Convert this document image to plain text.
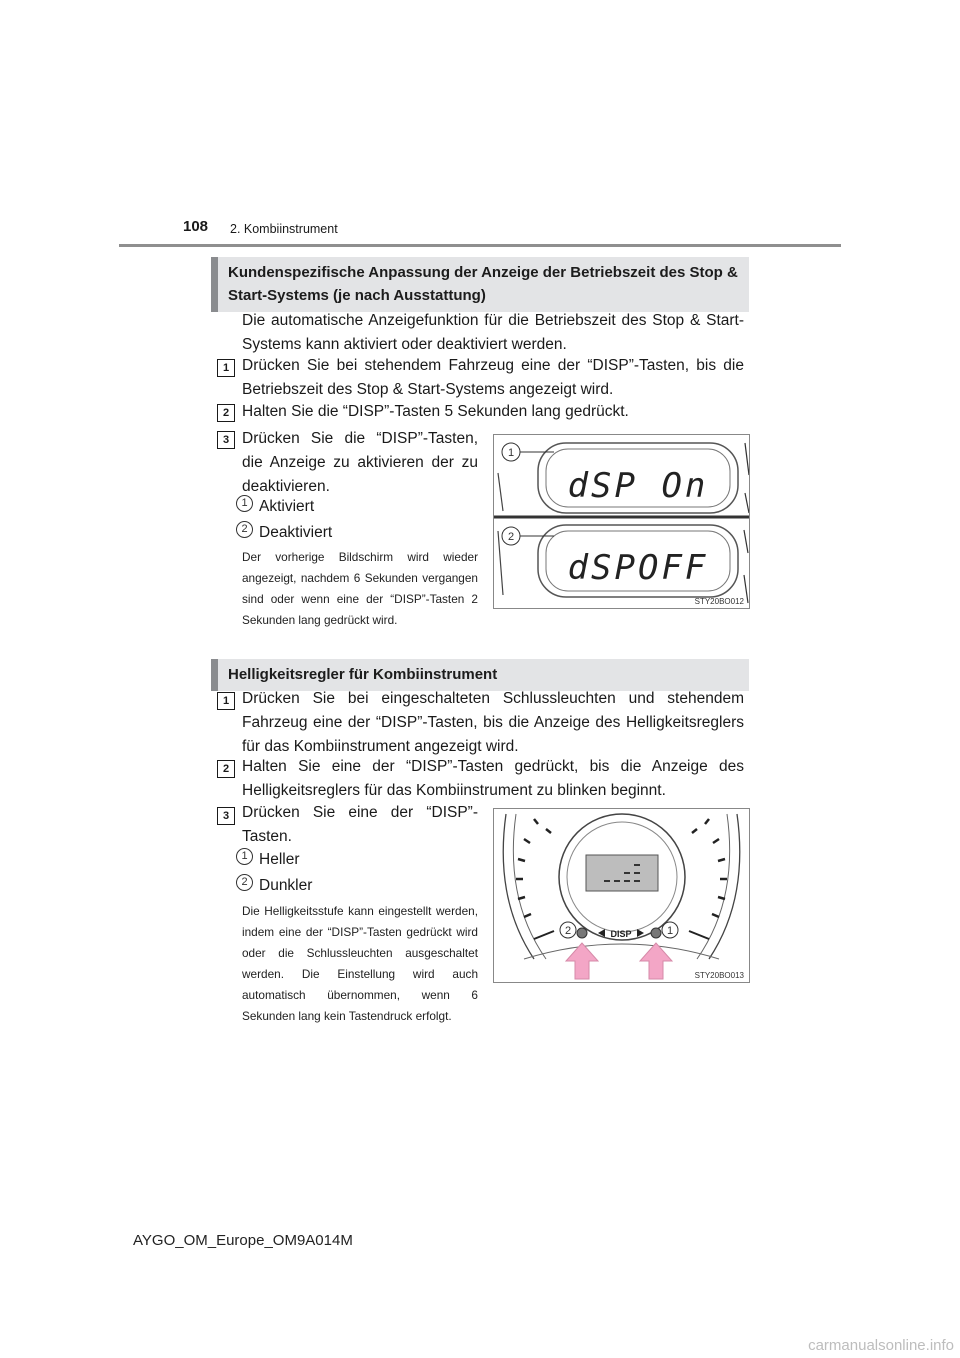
108 2. Kombiinstrument
Kundenspezifische Anpassung der Anzeige der Betriebszeit des Stop & Start-Systems (je nach Ausstattung)
Die automatische Anzeigefunktion für die Betriebszeit des Stop & Start-Systems kann aktiviert oder deaktiviert werden.
1 Drücken Sie bei stehendem Fahrzeug eine der “DISP”-Tasten, bis die Betriebszeit des Stop & Start-Systems angezeigt wird.
2 Halten Sie die “DISP”-Tasten 5 Sekunden lang gedrückt.
3 Drücken Sie die “DISP”-Tasten, die Anzeige zu aktivieren der zu deaktivieren.
1 Aktiviert
2 Deaktiviert
Der vorherige Bildschirm wird wieder angezeigt, nachdem 6 Sekunden vergangen sind oder wenn eine der “DISP”-Tasten 2 Sekunden lang gedrückt wird.
1
2
dSP On
dSPOFF
STY20BO012
Helligkeitsregler für Kombiinstrument
1 Drücken Sie bei eingeschalteten Schlussleuchten und stehendem Fahrzeug eine der “DISP”-Tasten, bis die Anzeige des Helligkeitsreglers für das Kombiinstrument angezeigt wird.
2 Halten Sie eine der “DISP”-Tasten gedrückt, bis die Anzeige des Helligkeitsreglers für das Kombiinstrument zu blinken beginnt.
3 Drücken Sie eine der “DISP”-Tasten.
1 Heller
2 Dunkler
Die Helligkeitsstufe kann eingestellt werden, indem eine der “DISP”-Tasten gedrückt wird oder die Schlussleuchten ausgeschaltet werden. Die Einstellung wird auch automatisch übernommen, wenn 6 Sekunden lang kein Tastendruck erfolgt.
DISP
2	1
STY20BO013
AYGO_OM_Europe_OM9A014M
carmanualsonline.info
